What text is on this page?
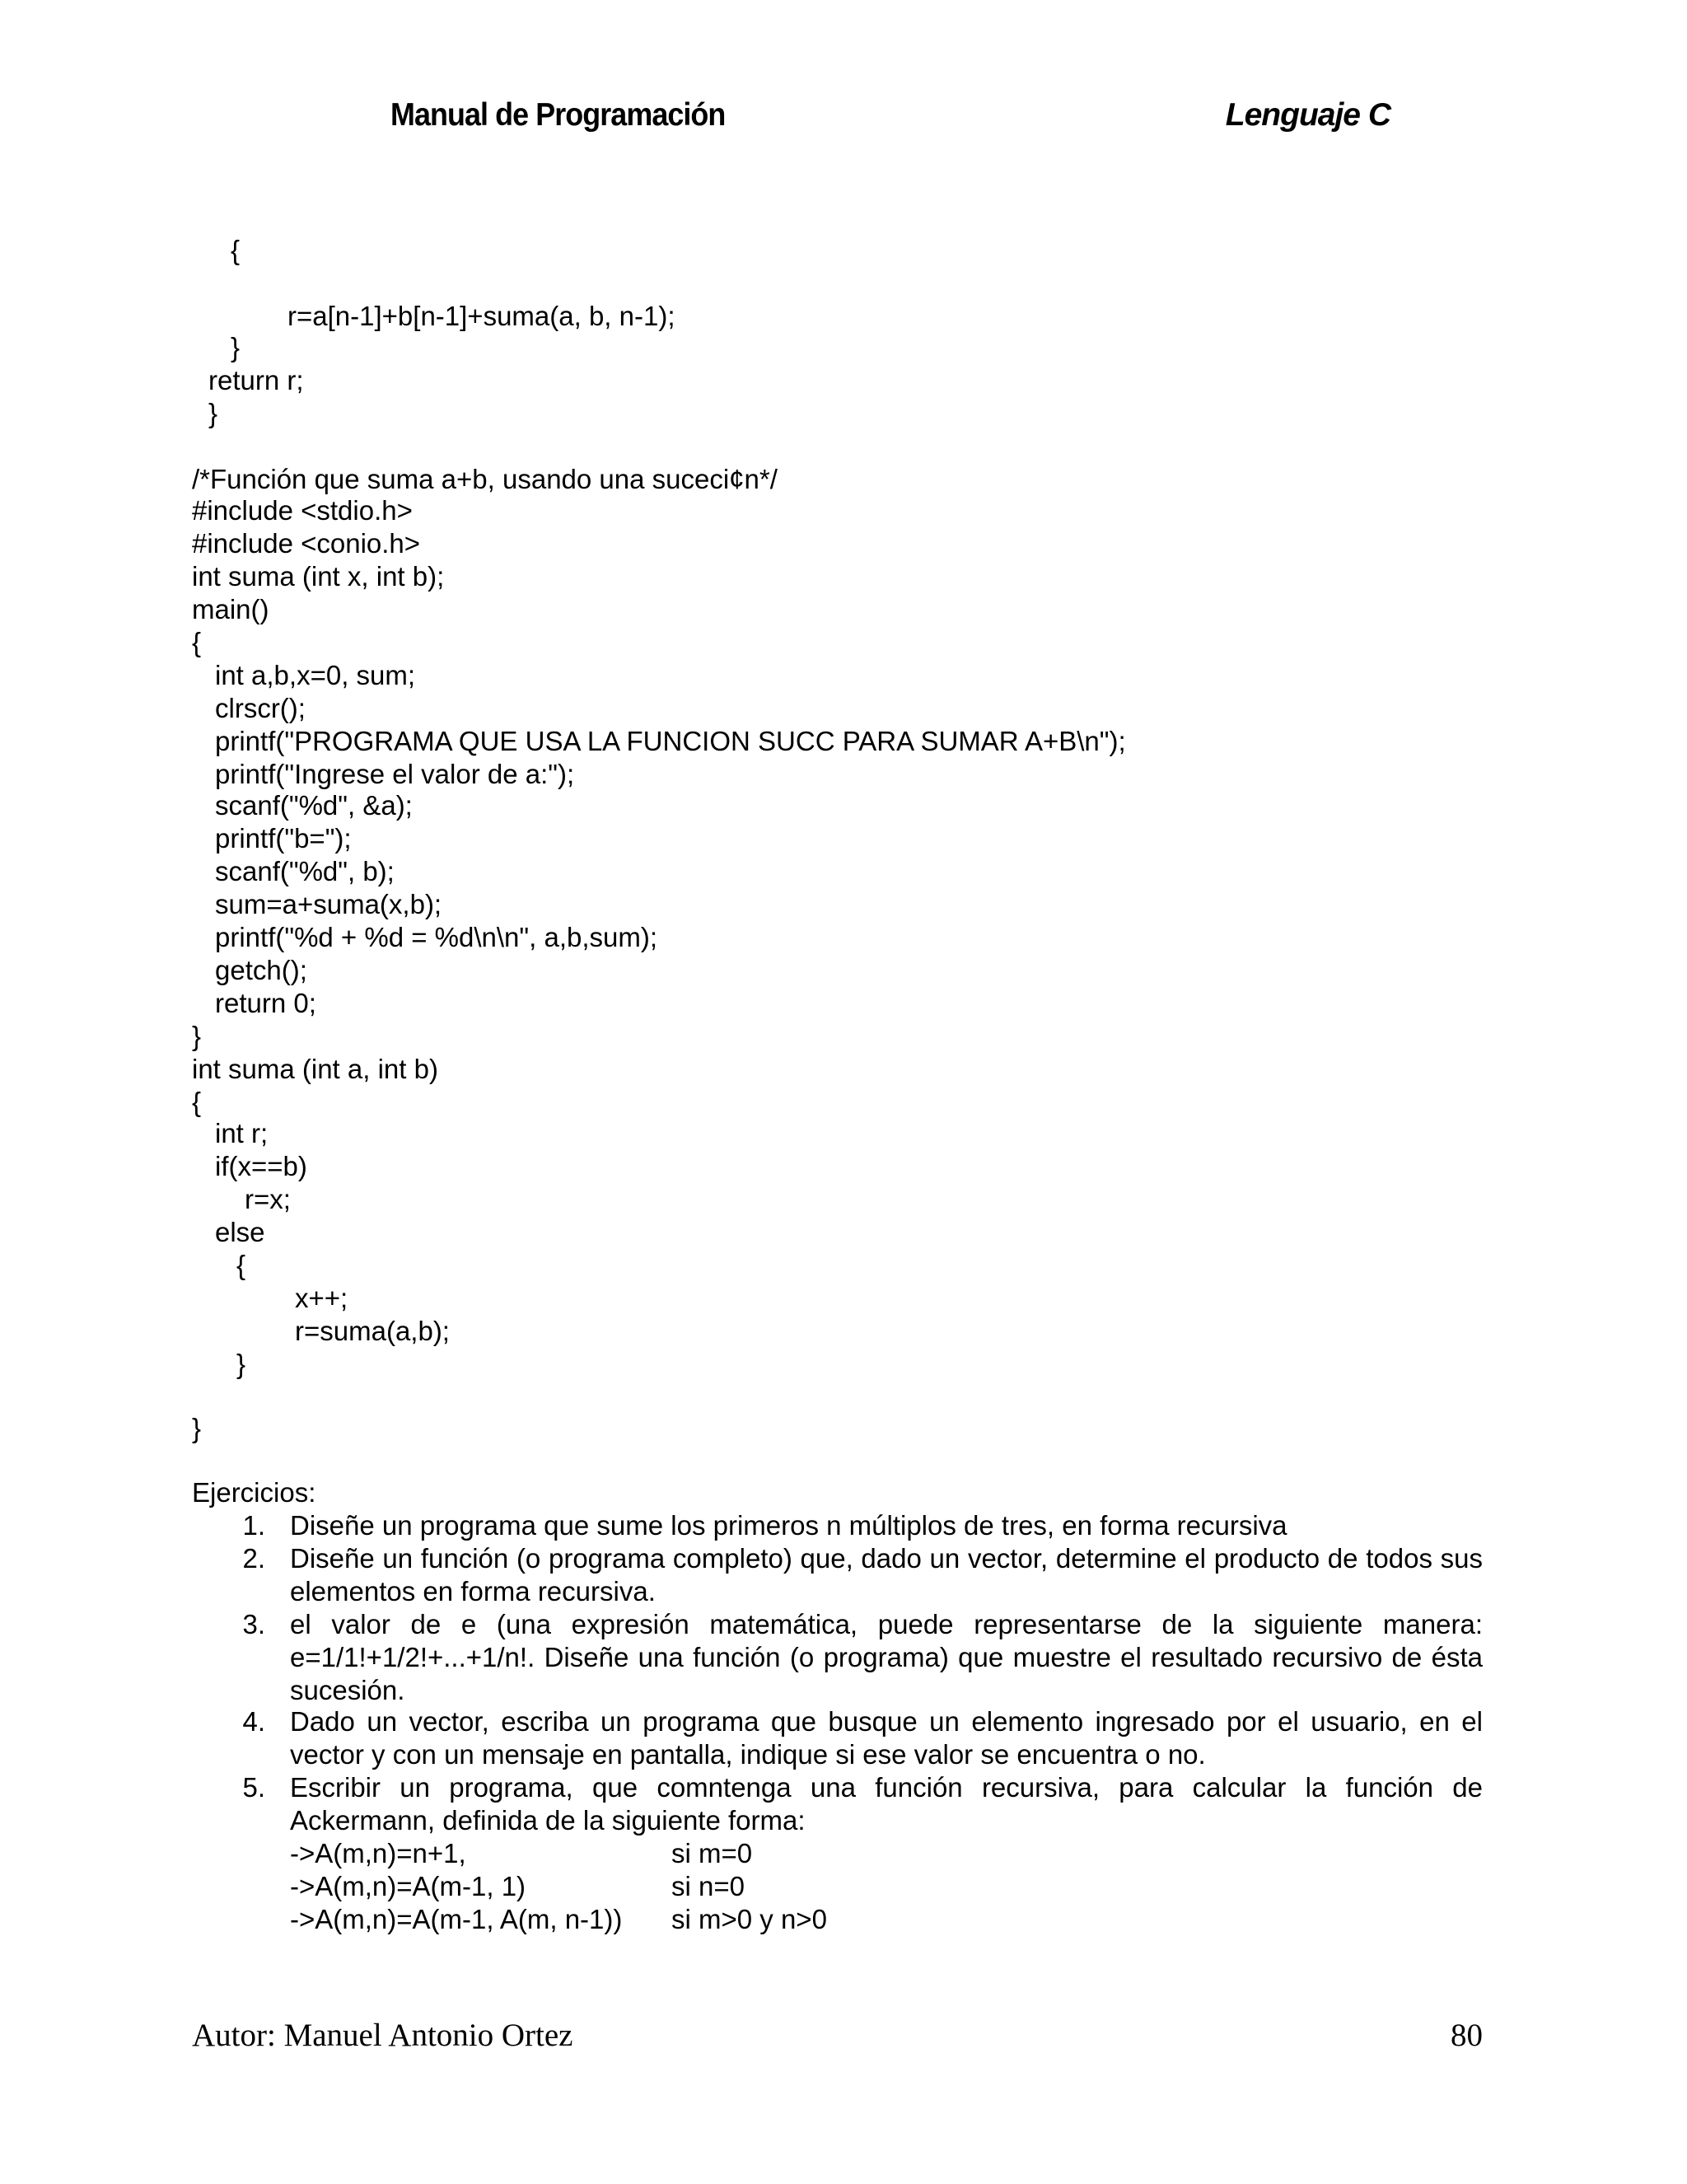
Manual de Programación	Lenguaje C
{
r=a[n-1]+b[n-1]+suma(a, b, n-1);
}
return r;
}
/*Función que suma a+b, usando una suceci¢n*/
#include <stdio.h>
#include <conio.h>
int suma (int x, int b);
main()
{
int a,b,x=0, sum;
clrscr();
printf("PROGRAMA QUE USA LA FUNCION SUCC PARA SUMAR A+B\n");
printf("Ingrese el valor de a:");
scanf("%d", &a);
printf("b=");
scanf("%d", b);
sum=a+suma(x,b);
printf("%d + %d = %d\n\n", a,b,sum);
getch();
return 0;
}
int suma (int a, int b)
{
int r;
if(x==b)
r=x;
else
{
x++;
r=suma(a,b);
}
}
Ejercicios:
1. Diseñe un programa que sume los primeros n múltiplos de tres, en forma recursiva
2. Diseñe un función (o programa completo) que, dado un vector, determine el producto de todos sus elementos en forma recursiva.
3. el valor de e (una expresión matemática, puede representarse de la siguiente manera: e=1/1!+1/2!+...+1/n!. Diseñe una función (o programa) que muestre el resultado recursivo de ésta sucesión.
4. Dado un vector, escriba un programa que busque un elemento ingresado por el usuario, en el vector y con un mensaje en pantalla, indique si ese valor se encuentra o no.
5. Escribir un programa, que comntenga una función recursiva, para calcular la función de Ackermann, definida de la siguiente forma:
->A(m,n)=n+1,	si m=0
->A(m,n)=A(m-1, 1)	si n=0
->A(m,n)=A(m-1, A(m, n-1)) si m>0 y n>0
Autor: Manuel Antonio Ortez	80
